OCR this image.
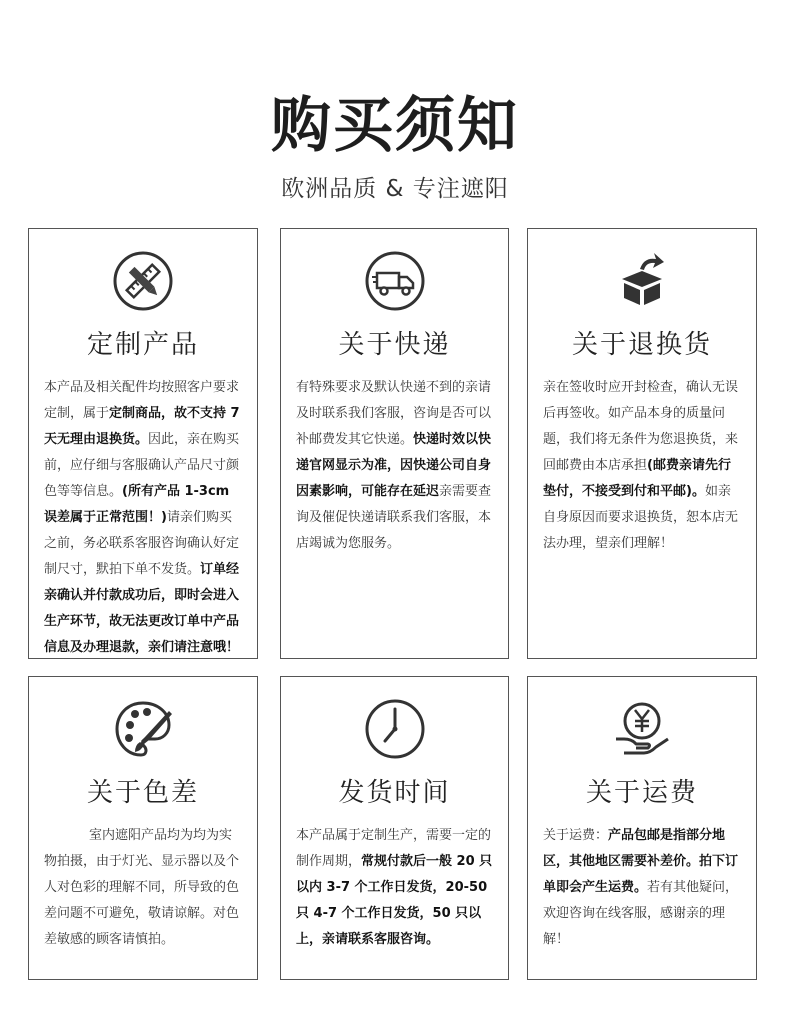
购买须知
欧洲品质 & 专注遮阳
定制产品
本产品及相关配件均按照客户要求定制，属于定制商品，故不支持 7 天无理由退换货。因此，亲在购买前，应仔细与客服确认产品尺寸颜色等等信息。(所有产品 1-3cm 误差属于正常范围！)请亲们购买之前，务必联系客服咨询确认好定制尺寸，默拍下单不发货。订单经亲确认并付款成功后，即时会进入生产环节，故无法更改订单中产品信息及办理退款，亲们请注意哦！
关于快递
有特殊要求及默认快递不到的亲请及时联系我们客服，咨询是否可以补邮费发其它快递。快递时效以快递官网显示为准，因快递公司自身因素影响，可能存在延迟亲需要查询及催促快递请联系我们客服，本店竭诚为您服务。
关于退换货
亲在签收时应开封检查，确认无误后再签收。如产品本身的质量问题，我们将无条件为您退换货，来回邮费由本店承担(邮费亲请先行垫付，不接受到付和平邮)。如亲自身原因而要求退换货，恕本店无法办理，望亲们理解！
关于色差
室内遮阳产品均为均为实物拍摄，由于灯光、显示器以及个人对色彩的理解不同，所导致的色差问题不可避免，敬请谅解。对色差敏感的顾客请慎拍。
发货时间
本产品属于定制生产，需要一定的制作周期，常规付款后一般 20 只以内 3-7 个工作日发货，20-50 只 4-7 个工作日发货，50 只以上，亲请联系客服咨询。
关于运费
关于运费：产品包邮是指部分地区，其他地区需要补差价。拍下订单即会产生运费。若有其他疑问，欢迎咨询在线客服，感谢亲的理解！
